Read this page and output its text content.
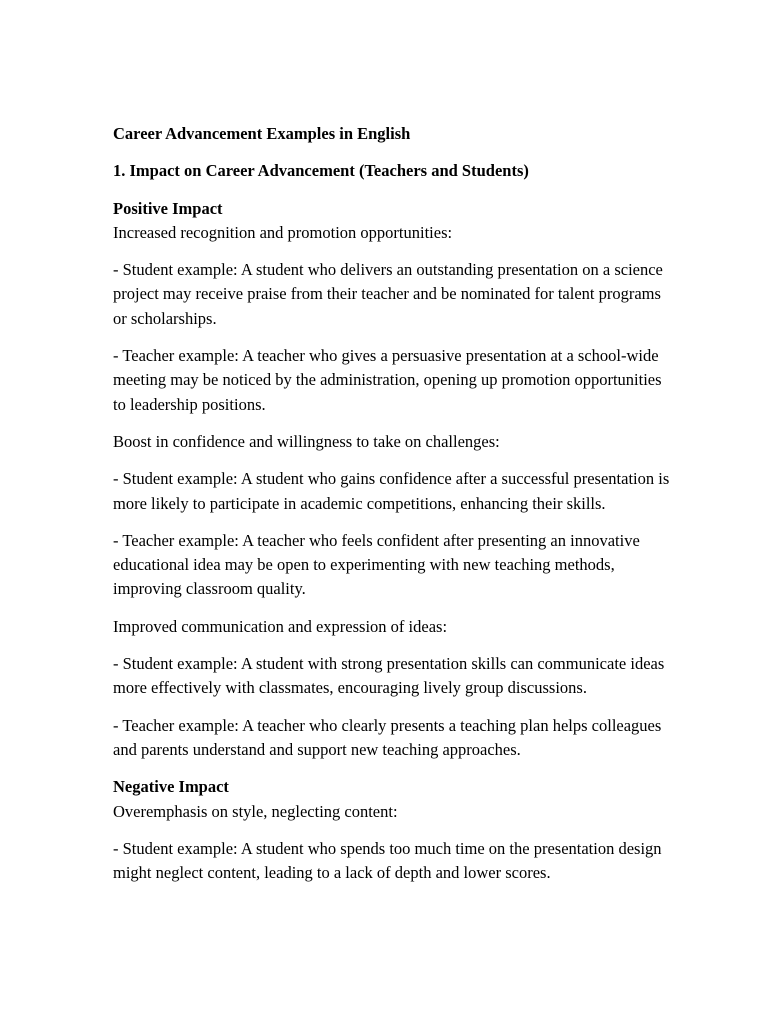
Career Advancement Examples in English

1. Impact on Career Advancement (Teachers and Students)

Positive Impact

Increased recognition and promotion opportunities:

- Student example: A student who delivers an outstanding presentation on a science project may receive praise from their teacher and be nominated for talent programs or scholarships.

- Teacher example: A teacher who gives a persuasive presentation at a school-wide meeting may be noticed by the administration, opening up promotion opportunities to leadership positions.

Boost in confidence and willingness to take on challenges:

- Student example: A student who gains confidence after a successful presentation is more likely to participate in academic competitions, enhancing their skills.

- Teacher example: A teacher who feels confident after presenting an innovative educational idea may be open to experimenting with new teaching methods, improving classroom quality.

Improved communication and expression of ideas:

- Student example: A student with strong presentation skills can communicate ideas more effectively with classmates, encouraging lively group discussions.

- Teacher example: A teacher who clearly presents a teaching plan helps colleagues and parents understand and support new teaching approaches.

Negative Impact

Overemphasis on style, neglecting content:

- Student example: A student who spends too much time on the presentation design might neglect content, leading to a lack of depth and lower scores.
